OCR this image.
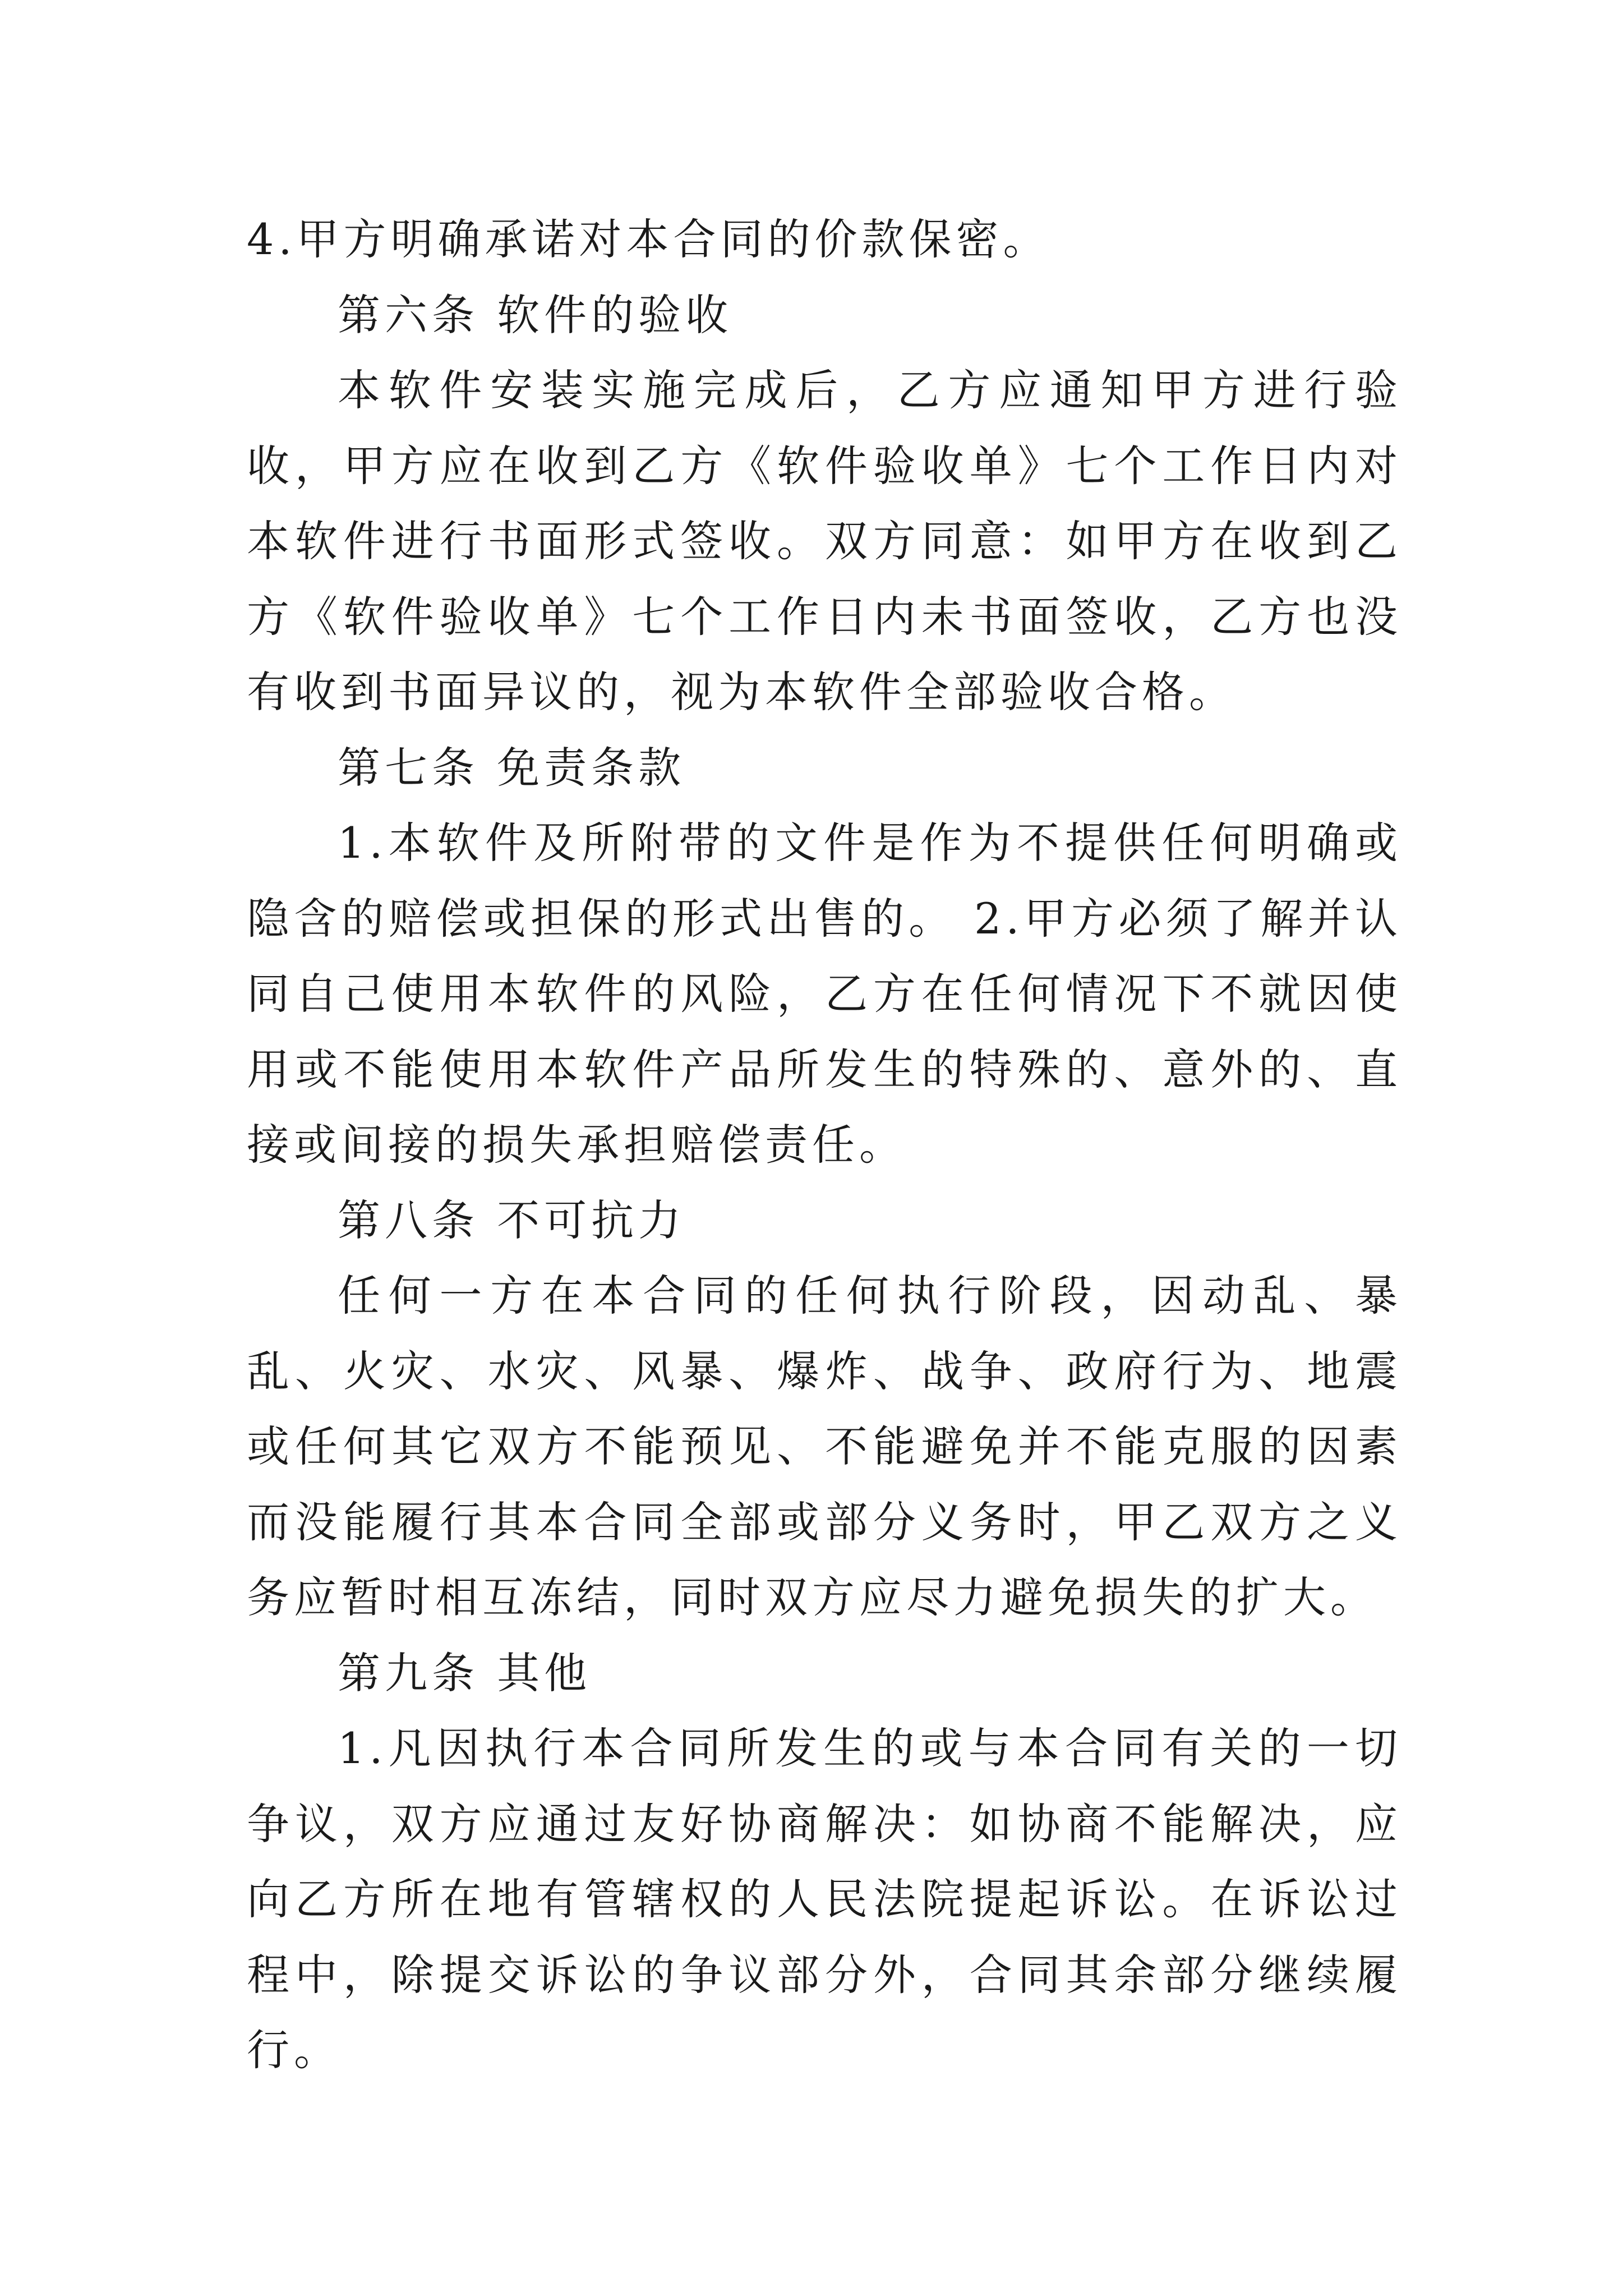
4.甲方明确承诺对本合同的价款保密。

第六条 软件的验收

本软件安装实施完成后，乙方应通知甲方进行验收，甲方应在收到乙方《软件验收单》七个工作日内对本软件进行书面形式签收。双方同意：如甲方在收到乙方《软件验收单》七个工作日内未书面签收，乙方也没有收到书面异议的，视为本软件全部验收合格。

第七条 免责条款

1.本软件及所附带的文件是作为不提供任何明确或隐含的赔偿或担保的形式出售的。 2.甲方必须了解并认同自己使用本软件的风险，乙方在任何情况下不就因使用或不能使用本软件产品所发生的特殊的、意外的、直接或间接的损失承担赔偿责任。

第八条 不可抗力

任何一方在本合同的任何执行阶段，因动乱、暴乱、火灾、水灾、风暴、爆炸、战争、政府行为、地震或任何其它双方不能预见、不能避免并不能克服的因素而没能履行其本合同全部或部分义务时，甲乙双方之义务应暂时相互冻结，同时双方应尽力避免损失的扩大。

第九条 其他

1.凡因执行本合同所发生的或与本合同有关的一切争议，双方应通过友好协商解决：如协商不能解决，应向乙方所在地有管辖权的人民法院提起诉讼。在诉讼过程中，除提交诉讼的争议部分外，合同其余部分继续履行。
